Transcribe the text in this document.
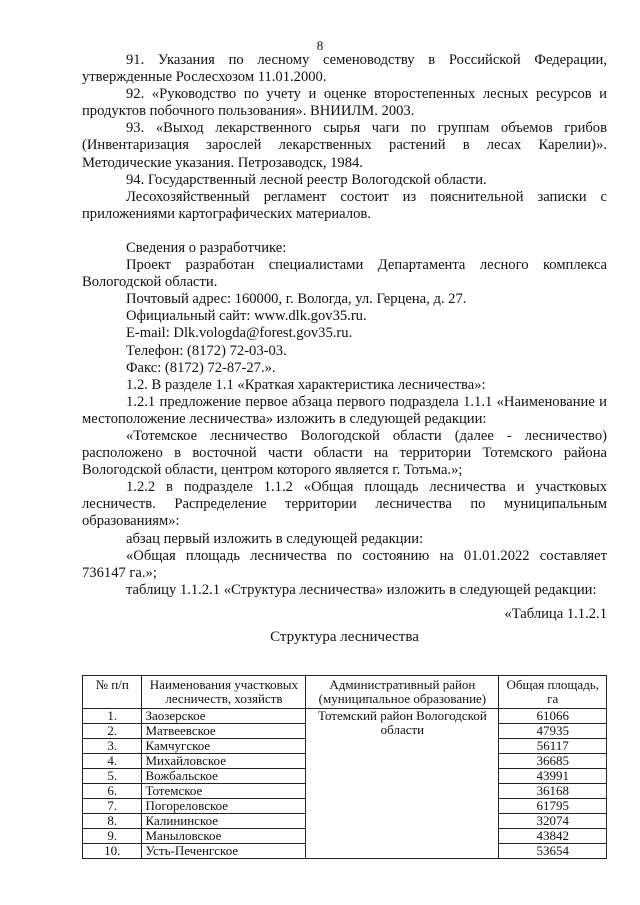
8

91. Указания по лесному семеноводству в Российской Федерации, утвержденные Рослесхозом 11.01.2000.

92. «Руководство по учету и оценке второстепенных лесных ресурсов и продуктов побочного пользования». ВНИИЛМ. 2003.

93. «Выход лекарственного сырья чаги по группам объемов грибов (Инвентаризация зарослей лекарственных растений в лесах Карелии)». Методические указания. Петрозаводск, 1984.

94. Государственный лесной реестр Вологодской области.

Лесохозяйственный регламент состоит из пояснительной записки с приложениями картографических материалов.

Сведения о разработчике:

Проект разработан специалистами Департамента лесного комплекса Вологодской области.

Почтовый адрес: 160000, г. Вологда, ул. Герцена, д. 27.

Официальный сайт: www.dlk.gov35.ru.

E-mail: Dlk.vologda@forest.gov35.ru.

Телефон: (8172) 72-03-03.

Факс: (8172) 72-87-27.».

1.2. В разделе 1.1 «Краткая характеристика лесничества»:

1.2.1 предложение первое абзаца первого подраздела 1.1.1 «Наименование и местоположение лесничества» изложить в следующей редакции:

«Тотемское лесничество Вологодской области (далее - лесничество) расположено в восточной части области на территории Тотемского района Вологодской области, центром которого является г. Тотьма.»;

1.2.2 в подразделе 1.1.2 «Общая площадь лесничества и участковых лесничеств. Распределение территории лесничества по муниципальным образованиям»:

абзац первый изложить в следующей редакции:

«Общая площадь лесничества по состоянию на 01.01.2022 составляет 736147 га.»;

таблицу 1.1.2.1 «Структура лесничества» изложить в следующей редакции:

«Таблица 1.1.2.1

Структура лесничества

№ п/п	Наименования участковых лесничеств, хозяйств	Административный район (муниципальное образование)	Общая площадь, га
1.	Заозерское	Тотемский район Вологодской области	61066
2.	Матвеевское		47935
3.	Камчугское		56117
4.	Михайловское		36685
5.	Вожбальское		43991
6.	Тотемское		36168
7.	Погореловское		61795
8.	Калининское		32074
9.	Маныловское		43842
10.	Усть-Печенгское		53654
